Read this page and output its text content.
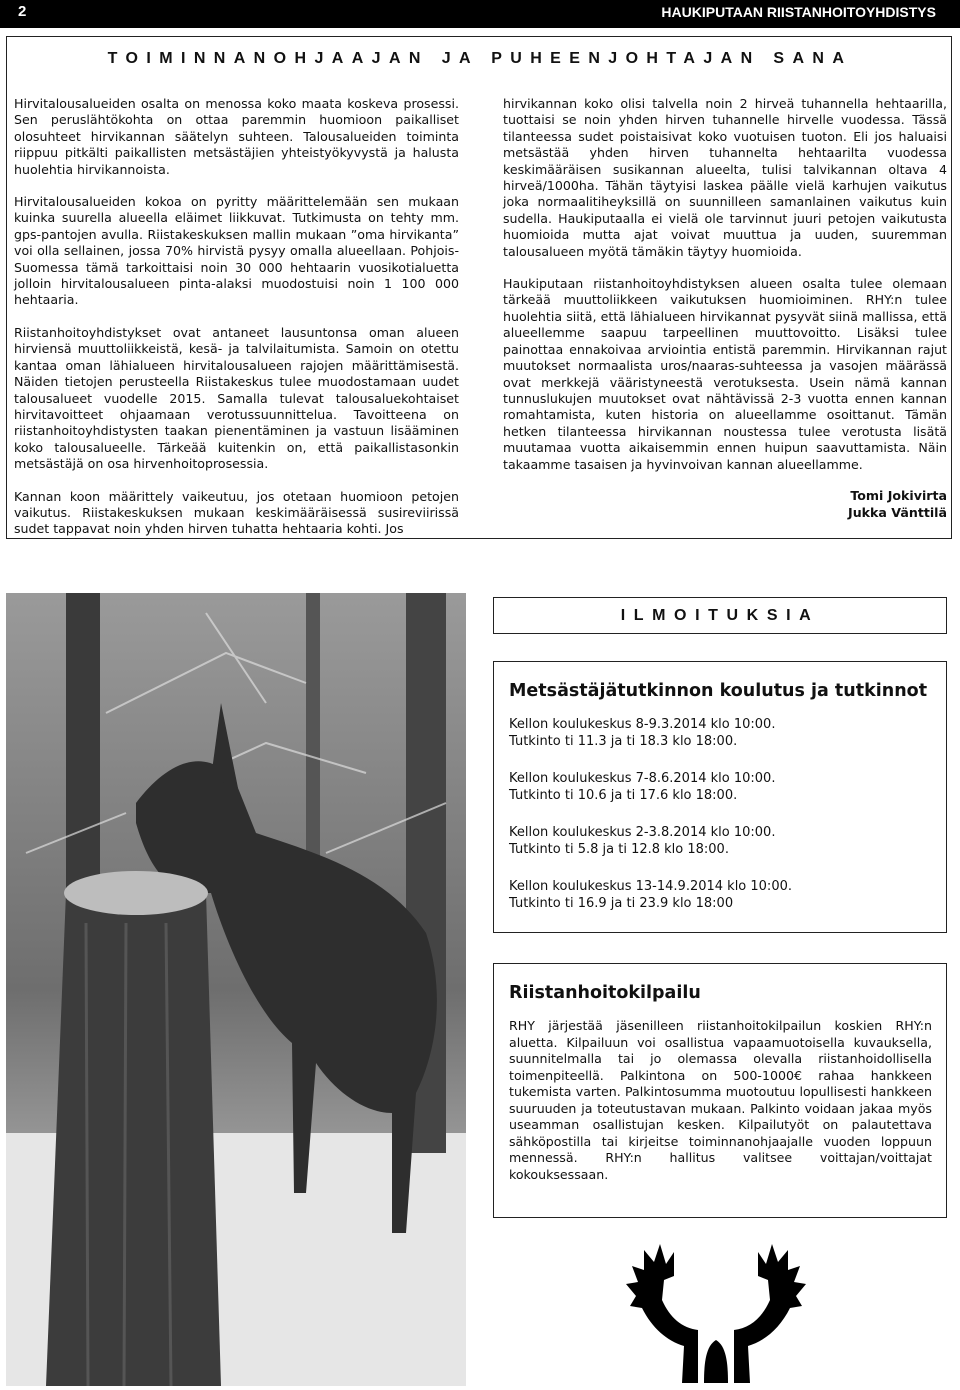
2	HAUKIPUTAAN RIISTANHOITOYHDISTYS
TOIMINNANOHJAAJAN JA PUHEENJOHTAJAN SANA

Hirvitalousalueiden osalta on menossa koko maata koskeva prosessi. Sen peruslähtökohta on ottaa paremmin huomioon paikalliset olosuhteet hirvikannan säätelyn suhteen. Talousalueiden toiminta riippuu pitkälti paikallisten metsästäjien yhteistyökyvystä ja halusta huolehtia hirvikannoista.

Hirvitalousalueiden kokoa on pyritty määrittelemään sen mukaan kuinka suurella alueella eläimet liikkuvat. Tutkimusta on tehty mm. gps-pantojen avulla. Riistakeskuksen mallin mukaan ”oma hirvikanta” voi olla sellainen, jossa 70% hirvistä pysyy omalla alueellaan. Pohjois-Suomessa tämä tarkoittaisi noin 30 000 hehtaarin vuosikotialuetta jolloin hirvitalousalueen pinta-alaksi muodostuisi noin 1 100 000 hehtaaria.

Riistanhoitoyhdistykset ovat antaneet lausuntonsa oman alueen hirviensä muuttoliikkeistä, kesä- ja talvilaitumista. Samoin on otettu kantaa oman lähialueen hirvitalousalueen rajojen määrittämisestä. Näiden tietojen perusteella Riistakeskus tulee muodostamaan uudet talousalueet vuodelle 2015. Samalla tulevat talousaluekohtaiset hirvitavoitteet ohjaamaan verotussuunnittelua. Tavoitteena on riistanhoitoyhdistysten taakan pienentäminen ja vastuun lisääminen koko talousalueelle. Tärkeää kuitenkin on, että paikallistasonkin metsästäjä on osa hirvenhoitoprosessia.

Kannan koon määrittely vaikeutuu, jos otetaan huomioon petojen vaikutus. Riistakeskuksen mukaan keskimääräisessä susireviirissä sudet tappavat noin yhden hirven tuhatta hehtaaria kohti. Jos

hirvikannan koko olisi talvella noin 2 hirveä tuhannella hehtaarilla, tuottaisi se noin yhden hirven tuhannelle hirvelle vuodessa. Tässä tilanteessa sudet poistaisivat koko vuotuisen tuoton. Eli jos haluaisi metsästää yhden hirven tuhannelta hehtaarilta vuodessa keskimääräisen susikannan alueelta, tulisi talvikannan oltava 4 hirveä/1000ha. Tähän täytyisi laskea päälle vielä karhujen vaikutus joka normaalitiheyksillä on suunnilleen samanlainen vaikutus kuin sudella. Haukiputaalla ei vielä ole tarvinnut juuri petojen vaikutusta huomioida mutta ajat voivat muuttua ja uuden, suuremman talousalueen myötä tämäkin täytyy huomioida.

Haukiputaan riistanhoitoyhdistyksen alueen osalta tulee olemaan tärkeää muuttoliikkeen vaikutuksen huomioiminen. RHY:n tulee huolehtia siitä, että lähialueen hirvikannat pysyvät siinä mallissa, että alueellemme saapuu tarpeellinen muuttovoitto. Lisäksi tulee painottaa ennakoivaa arviointia entistä paremmin. Hirvikannan rajut muutokset normaalista uros/naaras-suhteessa ja vasojen määrässä ovat merkkejä vääristyneestä verotuksesta. Usein nämä kannan tunnuslukujen muutokset ovat nähtävissä 2-3 vuotta ennen kannan romahtamista, kuten historia on alueellamme osoittanut. Tämän hetken tilanteessa hirvikannan noustessa tulee verotusta lisätä muutamaa vuotta aikaisemmin ennen huipun saavuttamista. Näin takaamme tasaisen ja hyvinvoivan kannan alueellamme.

Tomi Jokivirta
Jukka Vänttilä
ILMOITUKSIA
Metsästäjätutkinnon koulutus ja tutkinnot
Kellon koulukeskus 8-9.3.2014 klo 10:00.
Tutkinto ti 11.3 ja ti 18.3 klo 18:00.
Kellon koulukeskus 7-8.6.2014 klo 10:00.
Tutkinto ti 10.6 ja ti 17.6 klo 18:00.
Kellon koulukeskus 2-3.8.2014 klo 10:00.
Tutkinto ti 5.8 ja ti 12.8 klo 18:00.
Kellon koulukeskus 13-14.9.2014 klo 10:00.
Tutkinto ti 16.9 ja ti 23.9 klo 18:00
Riistanhoitokilpailu
RHY järjestää jäsenilleen riistanhoitokilpailun koskien RHY:n aluetta. Kilpailuun voi osallistua vapaamuotoisella kuvauksella, suunnitelmalla tai jo olemassa olevalla riistanhoidollisella toimenpiteellä. Palkintona on 500-1000€ rahaa hankkeen tukemista varten. Palkintosumma muotoutuu lopullisesti hankkeen suuruuden ja toteutustavan mukaan. Palkinto voidaan jakaa myös useamman osallistujan kesken. Kilpailutyöt on palautettava sähköpostilla tai kirjeitse toiminnanohjaajalle vuoden loppuun mennessä. RHY:n hallitus valitsee voittajan/voittajat kokouksessaan.
